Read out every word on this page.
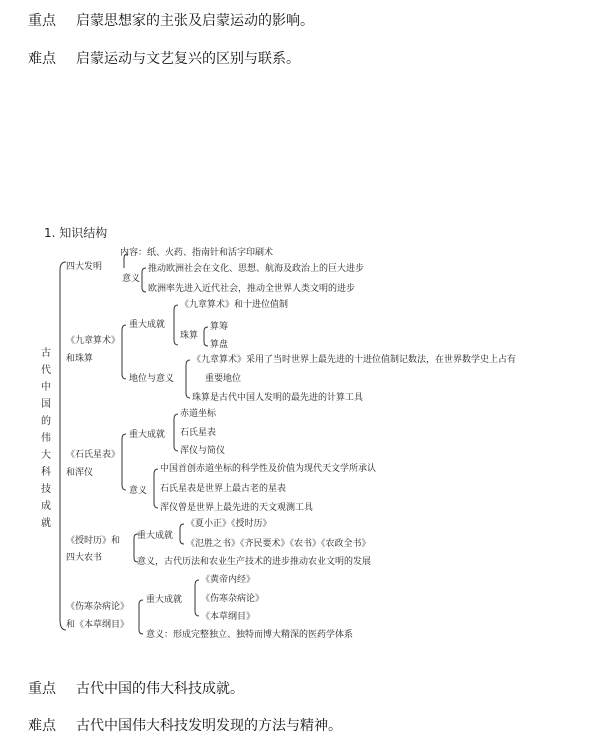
重点 启蒙思想家的主张及启蒙运动的影响。
难点 启蒙运动与文艺复兴的区别与联系。
1. 知识结构
古代中国的伟大科技成就
四大发明
内容：纸、火药、指南针和活字印刷术
意义
推动欧洲社会在文化、思想、航海及政治上的巨大进步
欧洲率先进入近代社会，推动全世界人类文明的进步
《九章算术》
和珠算
重大成就
《九章算术》和十进位值制
珠算
算筹
算盘
地位与意义
《九章算术》采用了当时世界上最先进的十进位值制记数法，在世界数学史上占有
重要地位
珠算是古代中国人发明的最先进的计算工具
《石氏星表》
和浑仪
重大成就
赤道坐标
石氏星表
浑仪与简仪
意义
中国首创赤道坐标的科学性及价值为现代天文学所承认
石氏星表是世界上最古老的星表
浑仪曾是世界上最先进的天文观测工具
《授时历》和
四大农书
重大成就
《夏小正》《授时历》
《氾胜之书》《齐民要术》《农书》《农政全书》
意义，古代历法和农业生产技术的进步推动农业文明的发展
《伤寒杂病论》
和《本草纲目》
重大成就
《黄帝内经》
《伤寒杂病论》
《本草纲目》
意义：形成完整独立、独特而博大精深的医药学体系
重点 古代中国的伟大科技成就。
难点 古代中国伟大科技发明发现的方法与精神。
